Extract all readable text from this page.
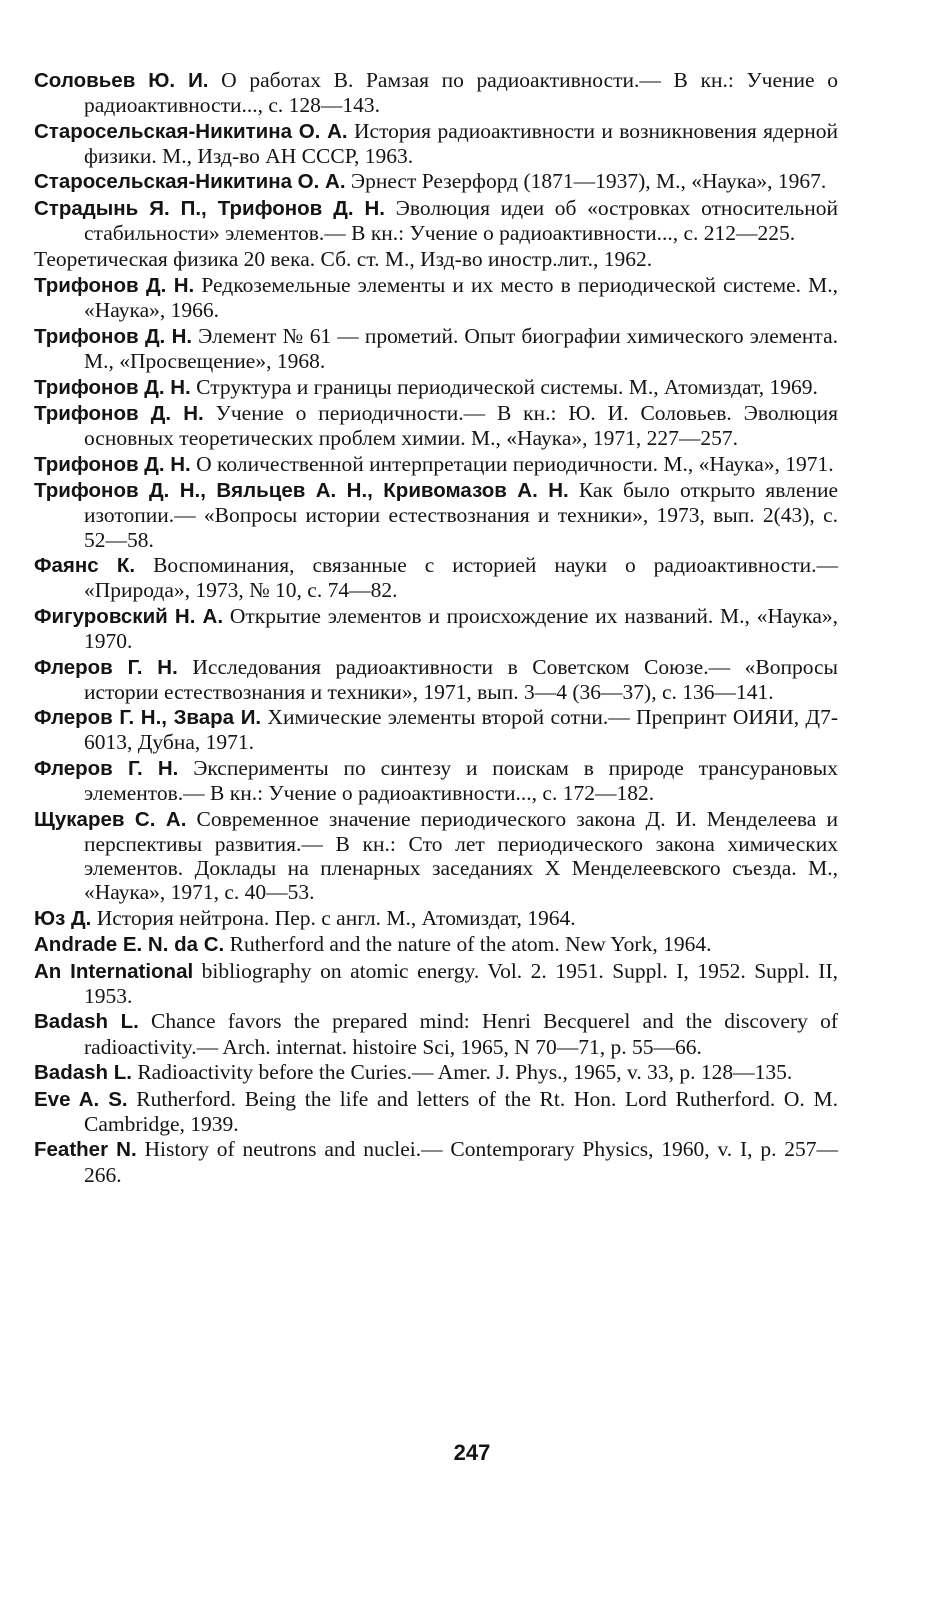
Соловьев Ю. И. О работах В. Рамзая по радиоактивности.— В кн.: Учение о радиоактивности..., с. 128—143.
Старосельская-Никитина О. А. История радиоактивности и возникновения ядерной физики. М., Изд-во АН СССР, 1963.
Старосельская-Никитина О. А. Эрнест Резерфорд (1871—1937), М., «Наука», 1967.
Страдынь Я. П., Трифонов Д. Н. Эволюция идеи об «островках относительной стабильности» элементов.— В кн.: Учение о радиоактивности..., с. 212—225.
Теоретическая физика 20 века. Сб. ст. М., Изд-во иностр.лит., 1962.
Трифонов Д. Н. Редкоземельные элементы и их место в периодической системе. М., «Наука», 1966.
Трифонов Д. Н. Элемент № 61 — прометий. Опыт биографии химического элемента. М., «Просвещение», 1968.
Трифонов Д. Н. Структура и границы периодической системы. М., Атомиздат, 1969.
Трифонов Д. Н. Учение о периодичности.— В кн.: Ю. И. Соловьев. Эволюция основных теоретических проблем химии. М., «Наука», 1971, 227—257.
Трифонов Д. Н. О количественной интерпретации периодичности. М., «Наука», 1971.
Трифонов Д. Н., Вяльцев А. Н., Кривомазов А. Н. Как было открыто явление изотопии.— «Вопросы истории естествознания и техники», 1973, вып. 2(43), с. 52—58.
Фаянс К. Воспоминания, связанные с историей науки о радиоактивности.— «Природа», 1973, № 10, с. 74—82.
Фигуровский Н. А. Открытие элементов и происхождение их названий. М., «Наука», 1970.
Флеров Г. Н. Исследования радиоактивности в Советском Союзе.— «Вопросы истории естествознания и техники», 1971, вып. 3—4 (36—37), с. 136—141.
Флеров Г. Н., Звара И. Химические элементы второй сотни.— Препринт ОИЯИ, Д7-6013, Дубна, 1971.
Флеров Г. Н. Эксперименты по синтезу и поискам в природе трансурановых элементов.— В кн.: Учение о радиоактивности..., с. 172—182.
Щукарев С. А. Современное значение периодического закона Д. И. Менделеева и перспективы развития.— В кн.: Сто лет периодического закона химических элементов. Доклады на пленарных заседаниях X Менделеевского съезда. М., «Наука», 1971, с. 40—53.
Юз Д. История нейтрона. Пер. с англ. М., Атомиздат, 1964.
Andrade E. N. da C. Rutherford and the nature of the atom. New York, 1964.
An International bibliography on atomic energy. Vol. 2. 1951. Suppl. I, 1952. Suppl. II, 1953.
Badash L. Chance favors the prepared mind: Henri Becquerel and the discovery of radioactivity.— Arch. internat. histoire Sci, 1965, N 70—71, p. 55—66.
Badash L. Radioactivity before the Curies.— Amer. J. Phys., 1965, v. 33, p. 128—135.
Eve A. S. Rutherford. Being the life and letters of the Rt. Hon. Lord Rutherford. O. M. Cambridge, 1939.
Feather N. History of neutrons and nuclei.— Contemporary Physics, 1960, v. I, p. 257—266.
247
